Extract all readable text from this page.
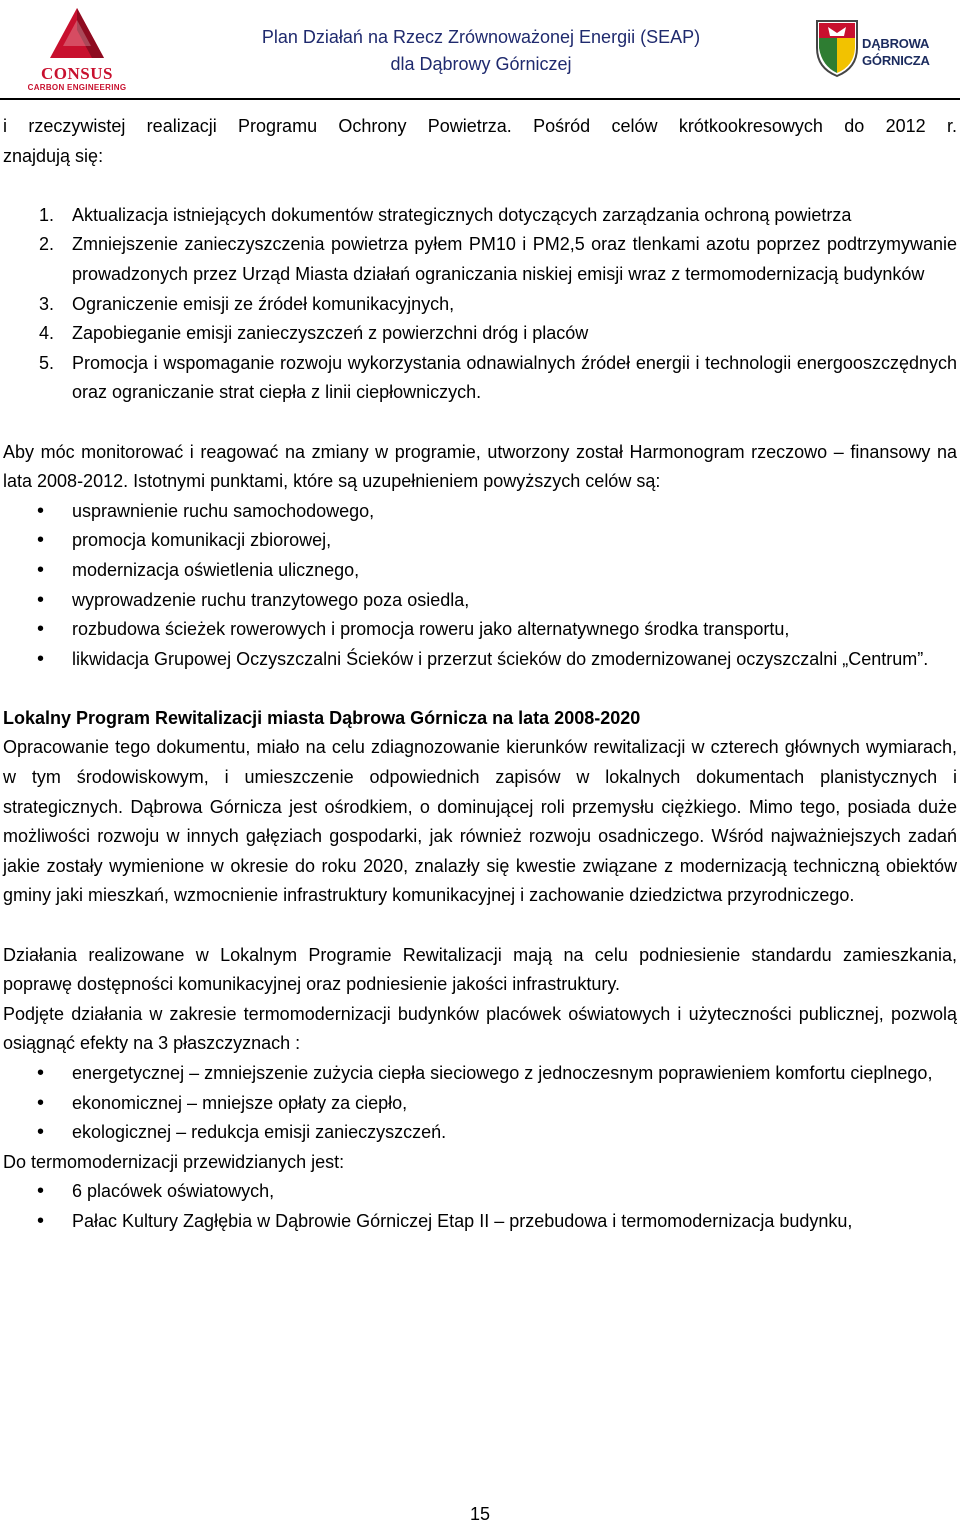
CONSUS
CARBON ENGINEERING
Plan Działań na Rzecz Zrównoważonej Energii (SEAP)
dla Dąbrowy Górniczej
DĄBROWA
GÓRNICZA

i rzeczywistej realizacji Programu Ochrony Powietrza. Pośród celów krótkookresowych do 2012 r.

znajdują się:

1. Aktualizacja istniejących dokumentów strategicznych dotyczących zarządzania ochroną powietrza
2. Zmniejszenie zanieczyszczenia powietrza pyłem PM10 i PM2,5 oraz tlenkami azotu poprzez podtrzymywanie prowadzonych przez Urząd Miasta działań ograniczania niskiej emisji wraz z termomodernizacją budynków
3. Ograniczenie emisji ze źródeł komunikacyjnych,
4. Zapobieganie emisji zanieczyszczeń z powierzchni dróg i placów
5. Promocja i wspomaganie rozwoju wykorzystania odnawialnych źródeł energii i technologii energooszczędnych oraz ograniczanie strat ciepła z linii ciepłowniczych.

Aby móc monitorować i reagować na zmiany w programie, utworzony został Harmonogram rzeczowo – finansowy na lata 2008-2012. Istotnymi punktami, które są uzupełnieniem powyższych celów są:

• usprawnienie ruchu samochodowego,
• promocja komunikacji zbiorowej,
• modernizacja oświetlenia ulicznego,
• wyprowadzenie ruchu tranzytowego poza osiedla,
• rozbudowa ścieżek rowerowych i promocja roweru jako alternatywnego środka transportu,
• likwidacja Grupowej Oczyszczalni Ścieków i przerzut ścieków do zmodernizowanej oczyszczalni „Centrum”.

Lokalny Program Rewitalizacji miasta Dąbrowa Górnicza na lata 2008-2020

Opracowanie tego dokumentu, miało na celu zdiagnozowanie kierunków rewitalizacji w czterech głównych wymiarach, w tym środowiskowym, i umieszczenie odpowiednich zapisów w lokalnych dokumentach planistycznych i strategicznych. Dąbrowa Górnicza jest ośrodkiem, o dominującej roli przemysłu ciężkiego. Mimo tego, posiada duże możliwości rozwoju w innych gałęziach gospodarki, jak również rozwoju osadniczego. Wśród najważniejszych zadań jakie zostały wymienione w okresie do roku 2020, znalazły się kwestie związane z modernizacją techniczną obiektów gminy jaki mieszkań, wzmocnienie infrastruktury komunikacyjnej i zachowanie dziedzictwa przyrodniczego.

Działania realizowane w Lokalnym Programie Rewitalizacji mają na celu podniesienie standardu zamieszkania, poprawę dostępności komunikacyjnej oraz podniesienie jakości infrastruktury.

Podjęte działania w zakresie termomodernizacji budynków placówek oświatowych i użyteczności publicznej, pozwolą osiągnąć efekty na 3 płaszczyznach :

• energetycznej – zmniejszenie zużycia ciepła sieciowego z jednoczesnym poprawieniem komfortu cieplnego,
• ekonomicznej – mniejsze opłaty za ciepło,
• ekologicznej – redukcja emisji zanieczyszczeń.

Do termomodernizacji przewidzianych jest:

• 6 placówek oświatowych,
• Pałac Kultury Zagłębia w Dąbrowie Górniczej Etap II – przebudowa i termomodernizacja budynku,
15
